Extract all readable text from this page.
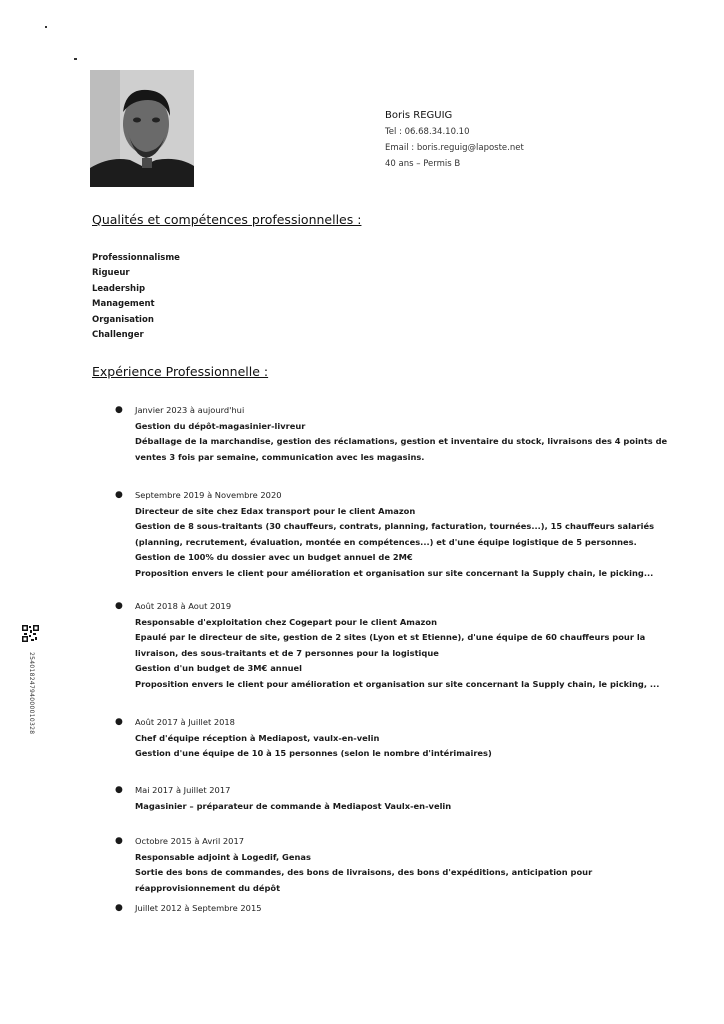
Boris REGUIG
Tel : 06.68.34.10.10
Email : boris.reguig@laposte.net
40 ans – Permis B
Qualités et compétences professionnelles :
Professionnalisme
Rigueur
Leadership
Management
Organisation
Challenger
Expérience Professionnelle :
● Janvier 2023 à aujourd'hui
Gestion du dépôt-magasinier-livreur
Déballage de la marchandise, gestion des réclamations, gestion et inventaire du stock, livraisons des 4 points de
ventes 3 fois par semaine, communication avec les magasins.
● Septembre 2019 à Novembre 2020
Directeur de site chez Edax transport pour le client Amazon
Gestion de 8 sous-traitants (30 chauffeurs, contrats, planning, facturation, tournées...), 15 chauffeurs salariés
(planning, recrutement, évaluation, montée en compétences...) et d'une équipe logistique de 5 personnes.
Gestion de 100% du dossier avec un budget annuel de 2M€
Proposition envers le client pour amélioration et organisation sur site concernant la Supply chain, le picking...
● Août 2018 à Aout 2019
Responsable d'exploitation chez Cogepart pour le client Amazon
Epaulé par le directeur de site, gestion de 2 sites (Lyon et st Etienne), d'une équipe de 60 chauffeurs pour la
livraison, des sous-traitants et de 7 personnes pour la logistique
Gestion d'un budget de 3M€ annuel
Proposition envers le client pour amélioration et organisation sur site concernant la Supply chain, le picking, ...
● Août 2017 à Juillet 2018
Chef d'équipe réception à Mediapost, vaulx-en-velin
Gestion d'une équipe de 10 à 15 personnes (selon le nombre d'intérimaires)
● Mai 2017 à Juillet 2017
Magasinier – préparateur de commande à Mediapost Vaulx-en-velin
● Octobre 2015 à Avril 2017
Responsable adjoint à Logedif, Genas
Sortie des bons de commandes, des bons de livraisons, des bons d'expéditions, anticipation pour
réapprovisionnement du dépôt
● Juillet 2012 à Septembre 2015
25401824794000010328
